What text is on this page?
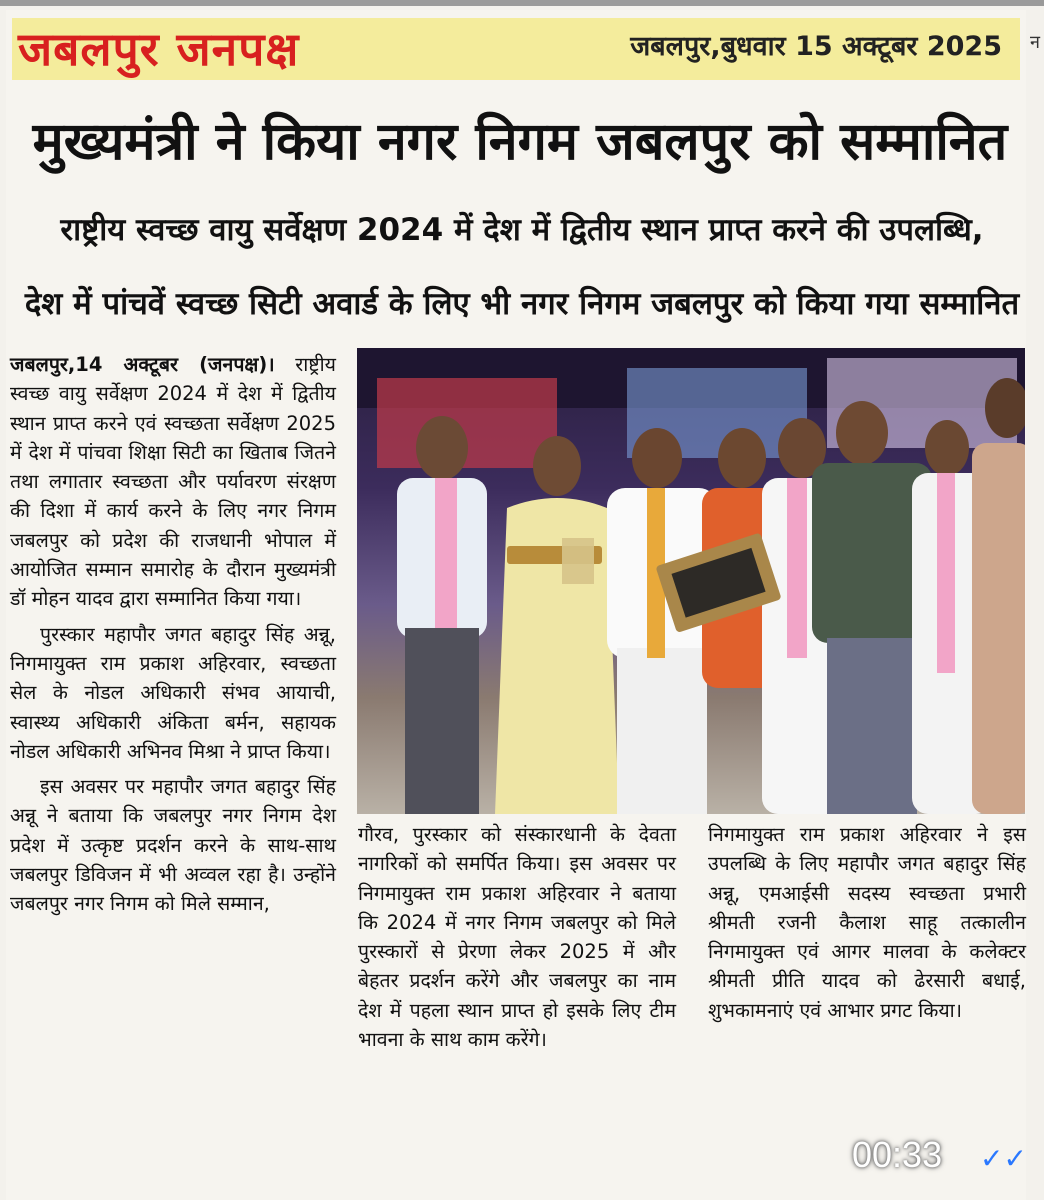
जबलपुर जनपक्ष	जबलपुर,बुधवार 15 अक्टूबर 2025 न
मुख्यमंत्री ने किया नगर निगम जबलपुर को सम्मानित
राष्ट्रीय स्वच्छ वायु सर्वेक्षण 2024 में देश में द्वितीय स्थान प्राप्त करने की उपलब्धि,
देश में पांचवें स्वच्छ सिटी अवार्ड के लिए भी नगर निगम जबलपुर को किया गया सम्मानित

जबलपुर,14 अक्टूबर (जनपक्ष)। राष्ट्रीय स्वच्छ वायु सर्वेक्षण 2024 में देश में द्वितीय स्थान प्राप्त करने एवं स्वच्छता सर्वेक्षण 2025 में देश में पांचवा शिक्षा सिटी का खिताब जितने तथा लगातार स्वच्छता और पर्यावरण संरक्षण की दिशा में कार्य करने के लिए नगर निगम जबलपुर को प्रदेश की राजधानी भोपाल में आयोजित सम्मान समारोह के दौरान मुख्यमंत्री डॉ मोहन यादव द्वारा सम्मानित किया गया।

पुरस्कार महापौर जगत बहादुर सिंह अन्नू, निगमायुक्त राम प्रकाश अहिरवार, स्वच्छता सेल के नोडल अधिकारी संभव आयाची, स्वास्थ्य अधिकारी अंकिता बर्मन, सहायक नोडल अधिकारी अभिनव मिश्रा ने प्राप्त किया।

इस अवसर पर महापौर जगत बहादुर सिंह अन्नू ने बताया कि जबलपुर नगर निगम देश प्रदेश में उत्कृष्ट प्रदर्शन करने के साथ-साथ जबलपुर डिविजन में भी अव्वल रहा है। उन्होंने जबलपुर नगर निगम को मिले सम्मान,

गौरव, पुरस्कार को संस्कारधानी के देवता नागरिकों को समर्पित किया। इस अवसर पर निगमायुक्त राम प्रकाश अहिरवार ने बताया कि 2024 में नगर निगम जबलपुर को मिले पुरस्कारों से प्रेरणा लेकर 2025 में और बेहतर प्रदर्शन करेंगे और जबलपुर का नाम देश में पहला स्थान प्राप्त हो इसके लिए टीम भावना के साथ काम करेंगे।

निगमायुक्त राम प्रकाश अहिरवार ने इस उपलब्धि के लिए महापौर जगत बहादुर सिंह अन्नू, एमआईसी सदस्य स्वच्छता प्रभारी श्रीमती रजनी कैलाश साहू तत्कालीन निगमायुक्त एवं आगर मालवा के कलेक्टर श्रीमती प्रीति यादव को ढेरसारी बधाई, शुभकामनाएं एवं आभार प्रगट किया।

00:33 ✓✓
